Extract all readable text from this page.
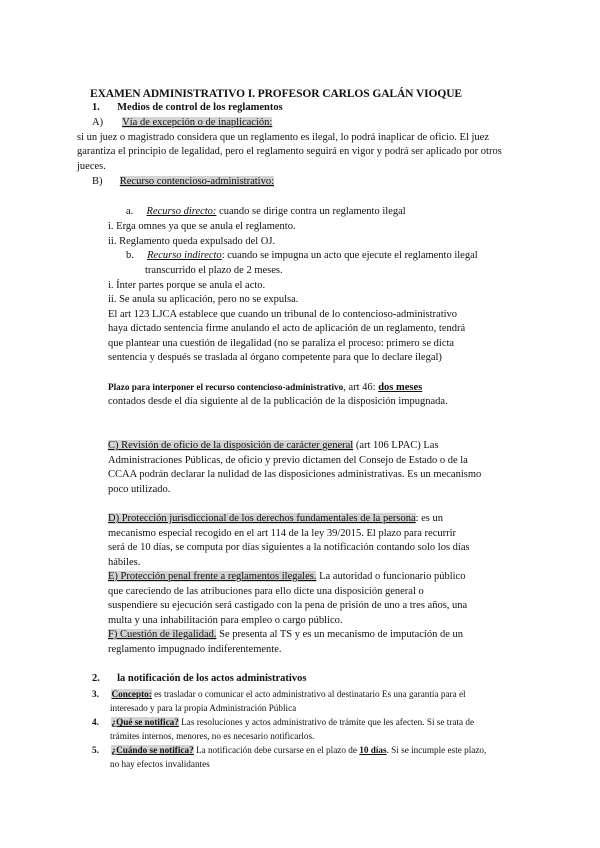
EXAMEN ADMINISTRATIVO I. PROFESOR CARLOS GALÁN VIOQUE
1. Medios de control de los reglamentos
A) Vía de excepción o de inaplicación:
si un juez o magistrado considera que un reglamento es ilegal, lo podrá inaplicar de oficio. El juez
garantiza el principio de legalidad, pero el reglamento seguirá en vigor y podrá ser aplicado por otros
jueces.
B) Recurso contencioso-administrativo:
a. Recurso directo: cuando se dirige contra un reglamento ilegal
i. Erga omnes ya que se anula el reglamento.
ii. Reglamento queda expulsado del OJ.
b. Recurso indirecto: cuando se impugna un acto que ejecute el reglamento ilegal
transcurrido el plazo de 2 meses.
i. Ínter partes porque se anula el acto.
ii. Se anula su aplicación, pero no se expulsa.
El art 123 LJCA establece que cuando un tribunal de lo contencioso-administrativo
haya dictado sentencia firme anulando el acto de aplicación de un reglamento, tendrá
que plantear una cuestión de ilegalidad (no se paraliza el proceso: primero se dicta
sentencia y después se traslada al órgano competente para que lo declare ilegal)
Plazo para interponer el recurso contencioso-administrativo, art 46: dos meses
contados desde el día siguiente al de la publicación de la disposición impugnada.
C) Revisión de oficio de la disposición de carácter general (art 106 LPAC) Las
Administraciones Públicas, de oficio y previo dictamen del Consejo de Estado o de la
CCAA podrán declarar la nulidad de las disposiciones administrativas. Es un mecanismo
poco utilizado.
D) Protección jurisdiccional de los derechos fundamentales de la persona: es un
mecanismo especial recogido en el art 114 de la ley 39/2015. El plazo para recurrir
será de 10 días, se computa por días siguientes a la notificación contando solo los días
hábiles.
E) Protección penal frente a reglamentos ilegales. La autoridad o funcionario público
que careciendo de las atribuciones para ello dicte una disposición general o
suspendiere su ejecución será castigado con la pena de prisión de uno a tres años, una
multa y una inhabilitación para empleo o cargo público.
F) Cuestión de ilegalidad. Se presenta al TS y es un mecanismo de imputación de un
reglamento impugnado indiferentemente.
2. la notificación de los actos administrativos
3. Concepto: es trasladar o comunicar el acto administrativo al destinatario Es una garantía para el
interesado y para la propia Administración Pública
4. ¿Qué se notifica? Las resoluciones y actos administrativo de trámite que les afecten. Si se trata de
trámites internos, menores, no es necesario notificarlos.
5. ¿Cuándo se notifica? La notificación debe cursarse en el plazo de 10 días. Si se incumple este plazo,
no hay efectos invalidantes
